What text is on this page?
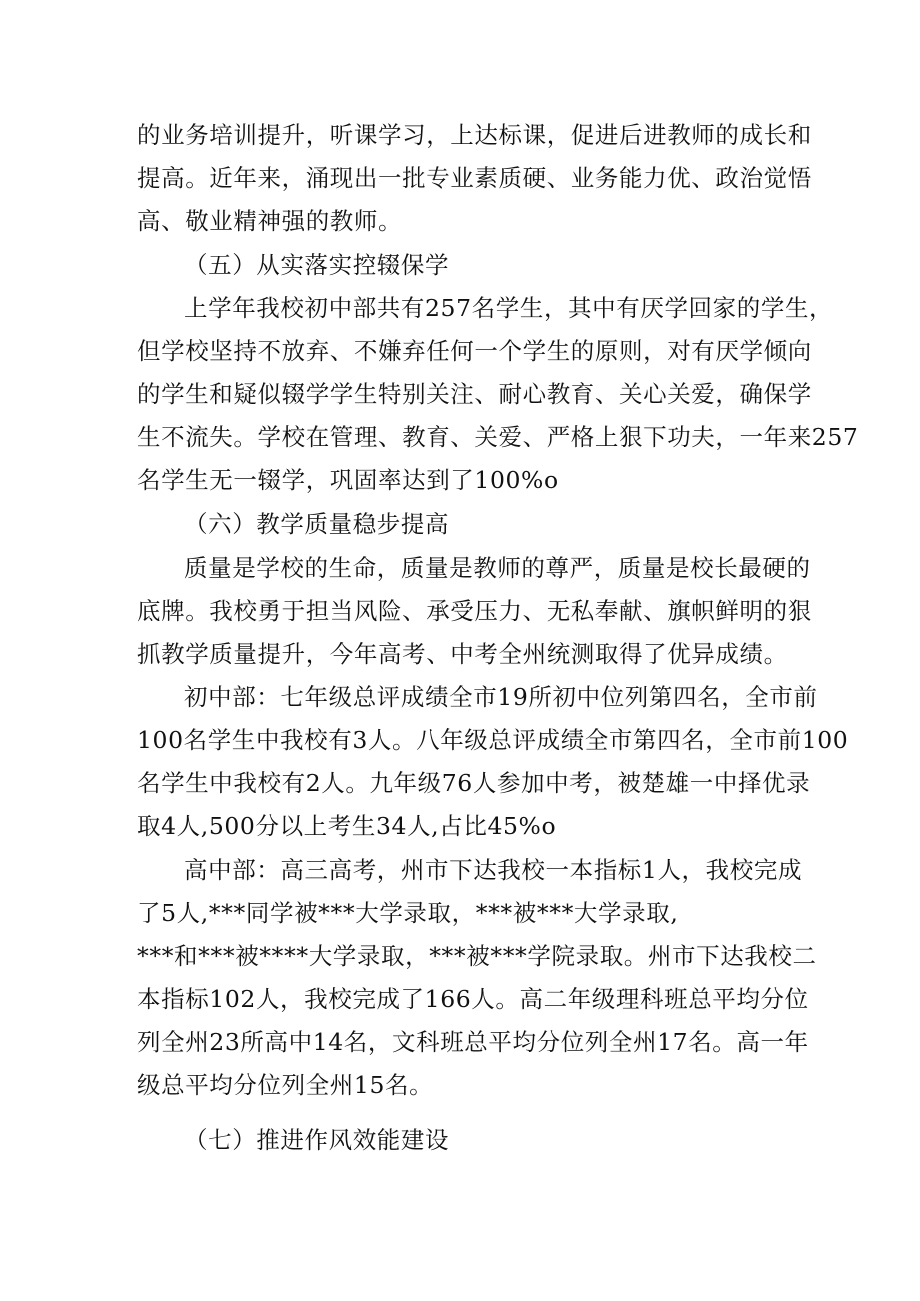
的业务培训提升，听课学习，上达标课，促进后进教师的成长和
提高。近年来，涌现出一批专业素质硬、业务能力优、政治觉悟
高、敬业精神强的教师。
（五）从实落实控辍保学
上学年我校初中部共有257名学生，其中有厌学回家的学生，
但学校坚持不放弃、不嫌弃任何一个学生的原则，对有厌学倾向
的学生和疑似辍学学生特别关注、耐心教育、关心关爱，确保学
生不流失。学校在管理、教育、关爱、严格上狠下功夫，一年来257
名学生无一辍学，巩固率达到了100%o
（六）教学质量稳步提高
质量是学校的生命，质量是教师的尊严，质量是校长最硬的
底牌。我校勇于担当风险、承受压力、无私奉献、旗帜鲜明的狠
抓教学质量提升，今年高考、中考全州统测取得了优异成绩。
初中部：七年级总评成绩全市19所初中位列第四名，全市前
100名学生中我校有3人。八年级总评成绩全市第四名，全市前100
名学生中我校有2人。九年级76人参加中考，被楚雄一中择优录
取4人,500分以上考生34人,占比45%o
高中部：高三高考，州市下达我校一本指标1人，我校完成
了5人,***同学被***大学录取，***被***大学录取,
***和***被****大学录取，***被***学院录取。州市下达我校二
本指标102人，我校完成了166人。高二年级理科班总平均分位
列全州23所高中14名，文科班总平均分位列全州17名。高一年
级总平均分位列全州15名。
（七）推进作风效能建设
